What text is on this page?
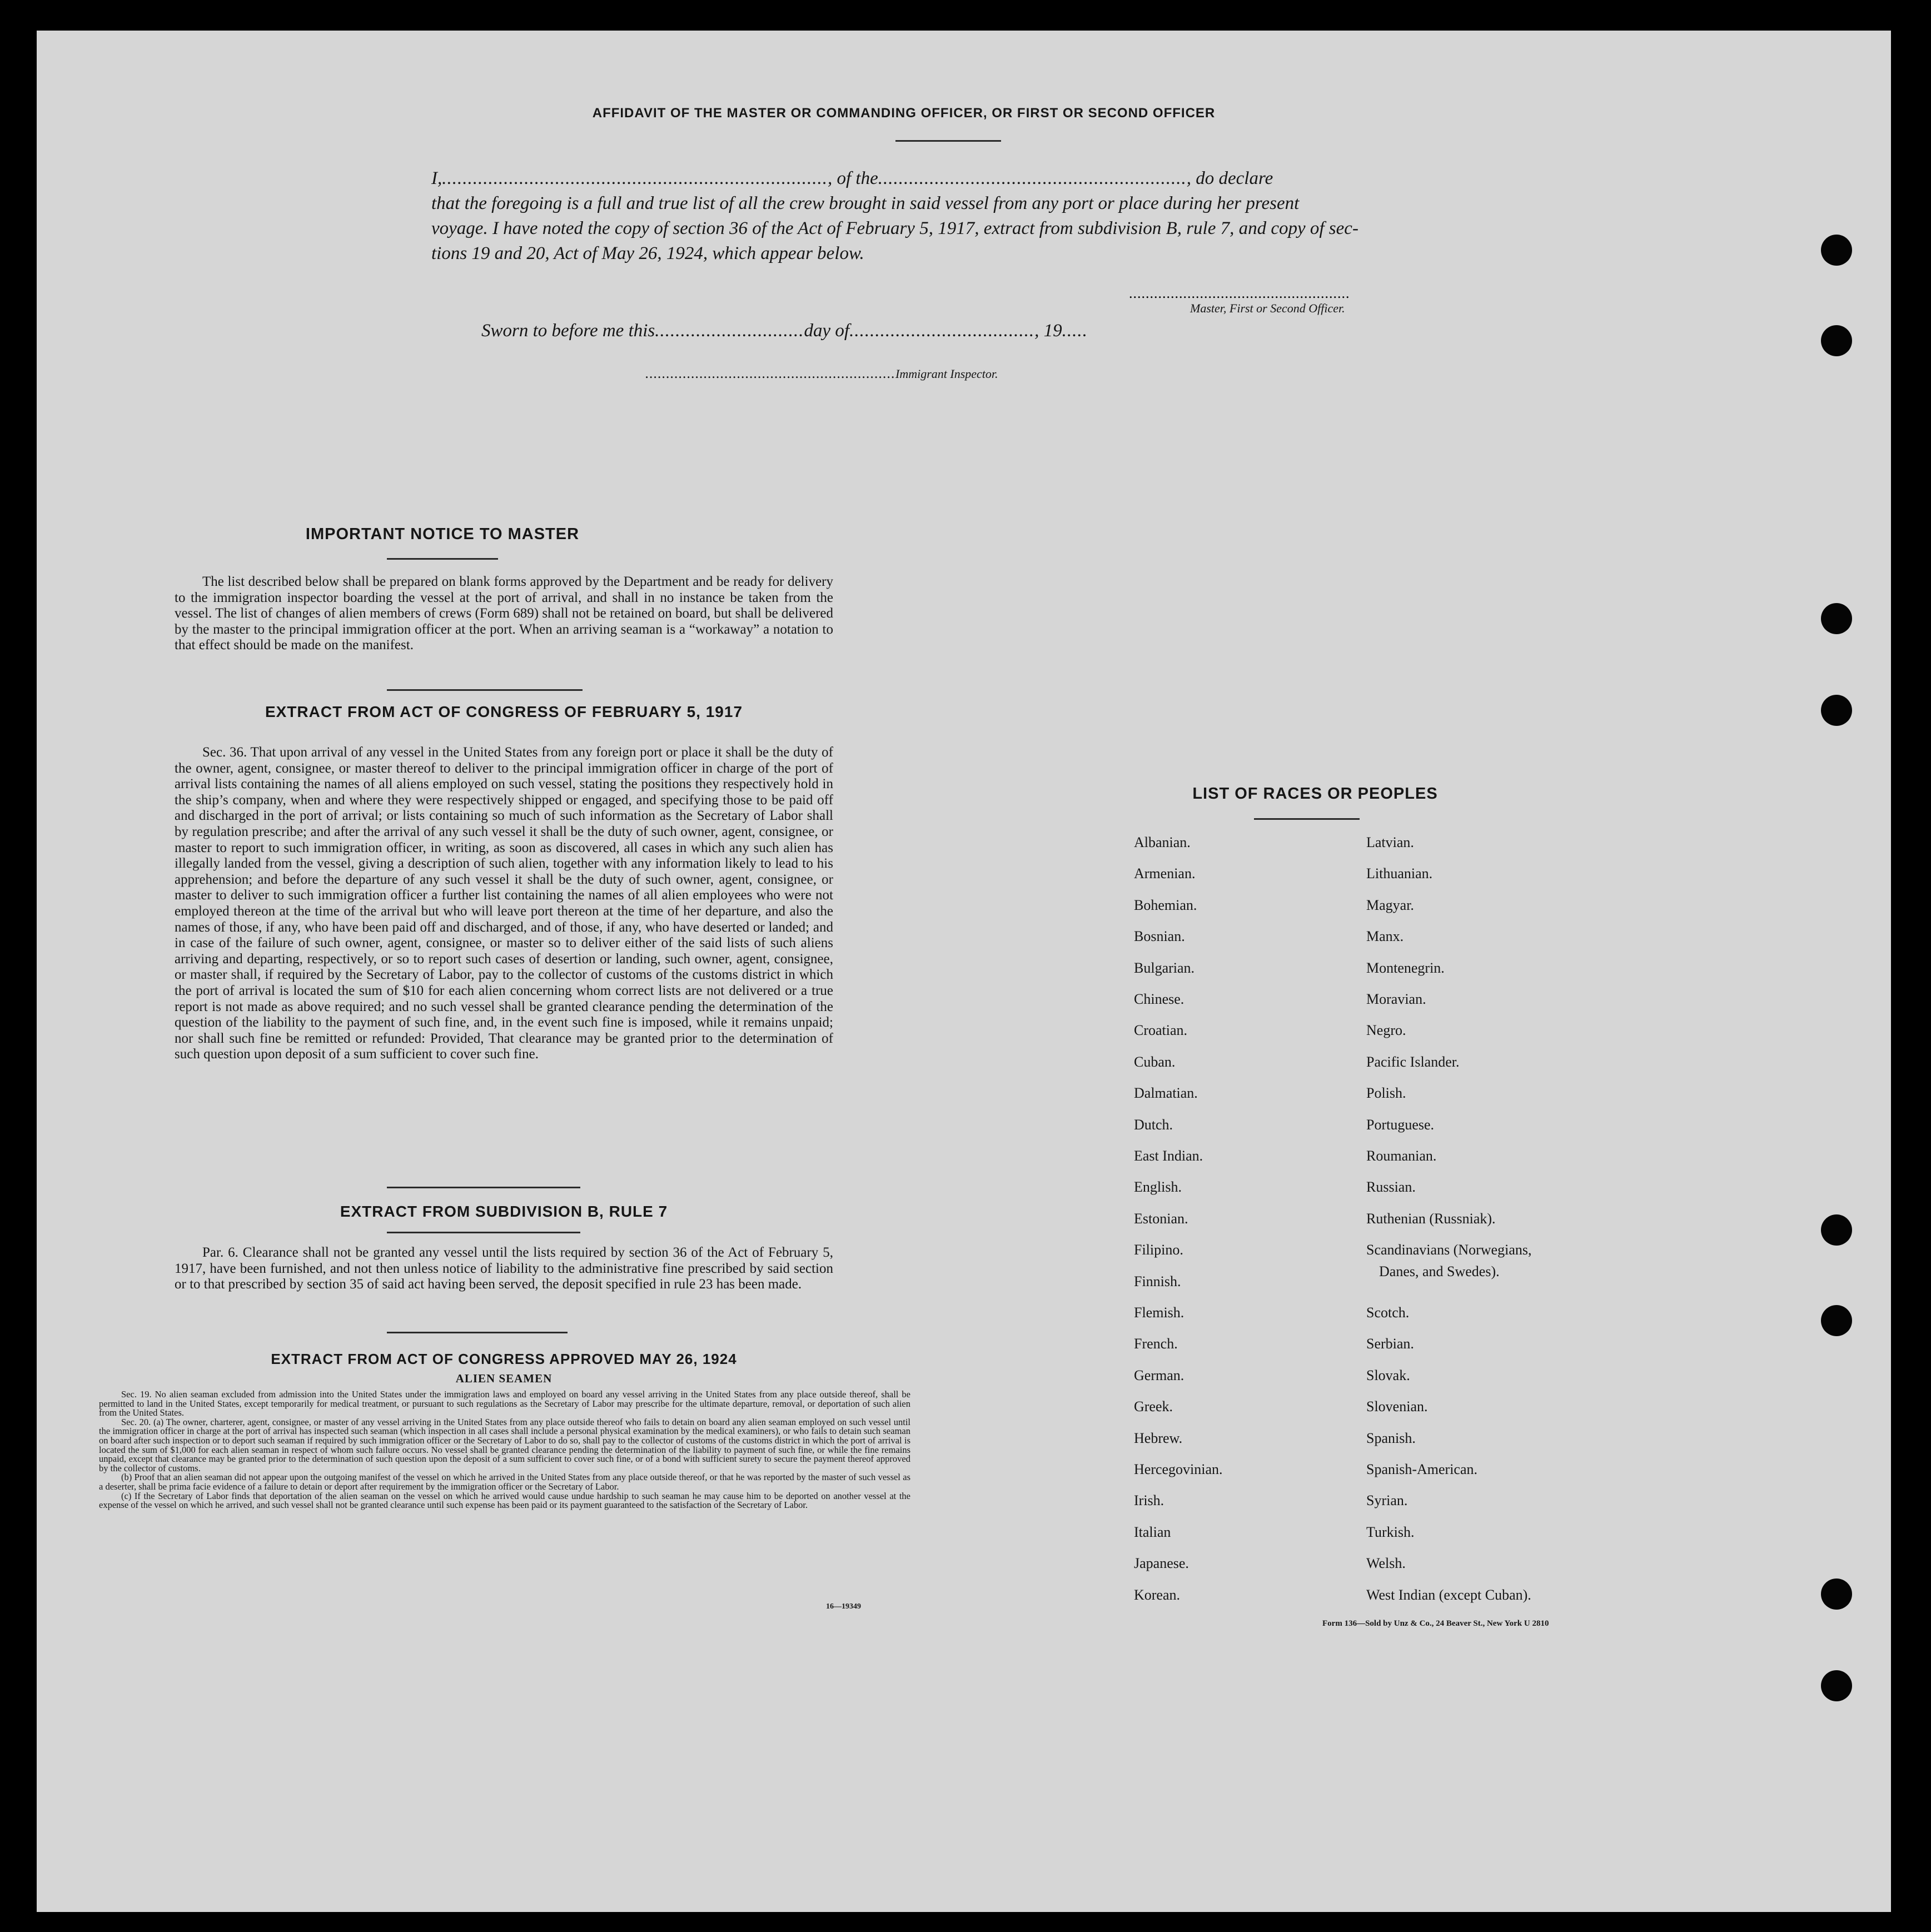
AFFIDAVIT OF THE MASTER OR COMMANDING OFFICER, OR FIRST OR SECOND OFFICER
I,..........................................................................., of the............................................................, do declare
that the foregoing is a full and true list of all the crew brought in said vessel from any port or place during her present
voyage. I have noted the copy of section 36 of the Act of February 5, 1917, extract from subdivision B, rule 7, and copy of sec-
tions 19 and 20, Act of May 26, 1924, which appear below.
.....................................................
Master, First or Second Officer.
Sworn to before me this.............................day of...................................., 19.....
............................................................Immigrant Inspector.
IMPORTANT NOTICE TO MASTER

The list described below shall be prepared on blank forms approved by the Department and be ready for delivery to the immigration inspector boarding the vessel at the port of arrival, and shall in no instance be taken from the vessel. The list of changes of alien members of crews (Form 689) shall not be retained on board, but shall be delivered by the master to the principal immigration officer at the port. When an arriving seaman is a “workaway” a notation to that effect should be made on the manifest.

EXTRACT FROM ACT OF CONGRESS OF FEBRUARY 5, 1917

Sec. 36. That upon arrival of any vessel in the United States from any foreign port or place it shall be the duty of the owner, agent, consignee, or master thereof to deliver to the principal immigration officer in charge of the port of arrival lists containing the names of all aliens employed on such vessel, stating the positions they respectively hold in the ship’s company, when and where they were respectively shipped or engaged, and specifying those to be paid off and discharged in the port of arrival; or lists containing so much of such information as the Secretary of Labor shall by regulation prescribe; and after the arrival of any such vessel it shall be the duty of such owner, agent, consignee, or master to report to such immigration officer, in writing, as soon as discovered, all cases in which any such alien has illegally landed from the vessel, giving a description of such alien, together with any information likely to lead to his apprehension; and before the departure of any such vessel it shall be the duty of such owner, agent, consignee, or master to deliver to such immigration officer a further list containing the names of all alien employees who were not employed thereon at the time of the arrival but who will leave port thereon at the time of her departure, and also the names of those, if any, who have been paid off and discharged, and of those, if any, who have deserted or landed; and in case of the failure of such owner, agent, consignee, or master so to deliver either of the said lists of such aliens arriving and departing, respectively, or so to report such cases of desertion or landing, such owner, agent, consignee, or master shall, if required by the Secretary of Labor, pay to the collector of customs of the customs district in which the port of arrival is located the sum of $10 for each alien concerning whom correct lists are not delivered or a true report is not made as above required; and no such vessel shall be granted clearance pending the determination of the question of the liability to the payment of such fine, and, in the event such fine is imposed, while it remains unpaid; nor shall such fine be remitted or refunded: Provided, That clearance may be granted prior to the determination of such question upon deposit of a sum sufficient to cover such fine.

EXTRACT FROM SUBDIVISION B, RULE 7

Par. 6. Clearance shall not be granted any vessel until the lists required by section 36 of the Act of February 5, 1917, have been furnished, and not then unless notice of liability to the administrative fine prescribed by said section or to that prescribed by section 35 of said act having been served, the deposit specified in rule 23 has been made.

EXTRACT FROM ACT OF CONGRESS APPROVED MAY 26, 1924
ALIEN SEAMEN

Sec. 19. No alien seaman excluded from admission into the United States under the immigration laws and employed on board any vessel arriving in the United States from any place outside thereof, shall be permitted to land in the United States, except temporarily for medical treatment, or pursuant to such regulations as the Secretary of Labor may prescribe for the ultimate departure, removal, or deportation of such alien from the United States.

Sec. 20. (a) The owner, charterer, agent, consignee, or master of any vessel arriving in the United States from any place outside thereof who fails to detain on board any alien seaman employed on such vessel until the immigration officer in charge at the port of arrival has inspected such seaman (which inspection in all cases shall include a personal physical examination by the medical examiners), or who fails to detain such seaman on board after such inspection or to deport such seaman if required by such immigration officer or the Secretary of Labor to do so, shall pay to the collector of customs of the customs district in which the port of arrival is located the sum of $1,000 for each alien seaman in respect of whom such failure occurs. No vessel shall be granted clearance pending the determination of the liability to payment of such fine, or while the fine remains unpaid, except that clearance may be granted prior to the determination of such question upon the deposit of a sum sufficient to cover such fine, or of a bond with sufficient surety to secure the payment thereof approved by the collector of customs.

(b) Proof that an alien seaman did not appear upon the outgoing manifest of the vessel on which he arrived in the United States from any place outside thereof, or that he was reported by the master of such vessel as a deserter, shall be prima facie evidence of a failure to detain or deport after requirement by the immigration officer or the Secretary of Labor.

(c) If the Secretary of Labor finds that deportation of the alien seaman on the vessel on which he arrived would cause undue hardship to such seaman he may cause him to be deported on another vessel at the expense of the vessel on which he arrived, and such vessel shall not be granted clearance until such expense has been paid or its payment guaranteed to the satisfaction of the Secretary of Labor.

16—19349
LIST OF RACES OR PEOPLES
Albanian.
Armenian.
Bohemian.
Bosnian.
Bulgarian.
Chinese.
Croatian.
Cuban.
Dalmatian.
Dutch.
East Indian.
English.
Estonian.
Filipino.
Finnish.
Flemish.
French.
German.
Greek.
Hebrew.
Hercegovinian.
Irish.
Italian
Japanese.
Korean.
Latvian.
Lithuanian.
Magyar.
Manx.
Montenegrin.
Moravian.
Negro.
Pacific Islander.
Polish.
Portuguese.
Roumanian.
Russian.
Ruthenian (Russniak).
Scandinavians (Norwegians,
Scotch.
Serbian.
Slovak.
Slovenian.
Spanish.
Spanish-American.
Syrian.
Turkish.
Welsh.
West Indian (except Cuban).
Danes, and Swedes).
Form 136—Sold by Unz & Co., 24 Beaver St., New York U 2810
